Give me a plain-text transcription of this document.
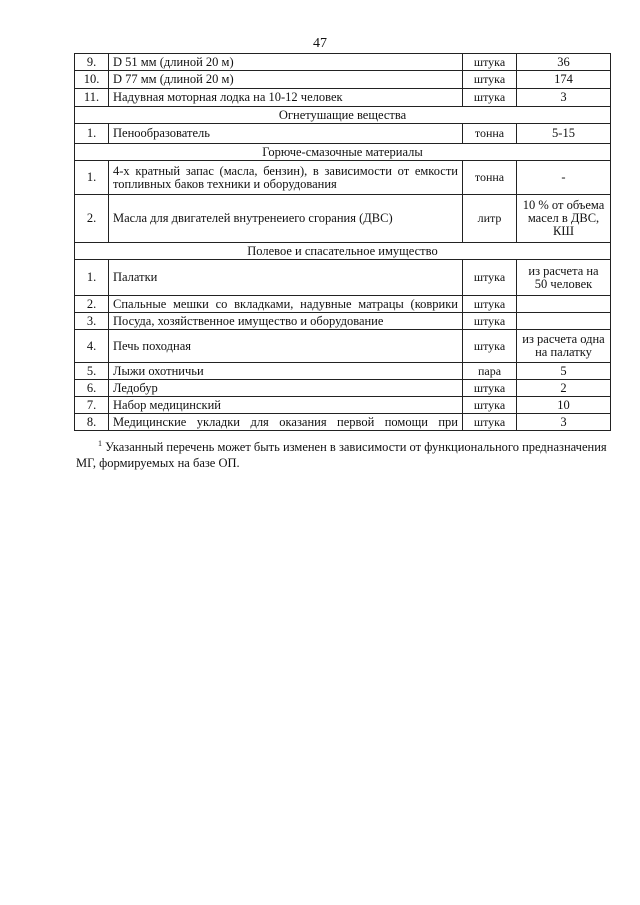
47
9.	D 51 мм (длиной 20 м)	штука	36
10.	D 77 мм (длиной 20 м)	штука	174
11.	Надувная моторная лодка на 10-12 человек	штука	3
Огнетушащие вещества			
1.	Пенообразователь	тонна	5-15
Горюче-смазочные материалы			
1.	4-х кратный запас (масла, бензин), в зависимости от емкости топливных баков техники и оборудования	тонна	-
2.	Масла для двигателей внутренеиего сгорания (ДВС)	литр	10 % от объема масел в ДВС, КШ
Полевое и спасательное имущество			
1.	Палатки	штука	из расчета на 50 человек
2.	Спальные мешки со вкладками, надувные матрацы (коврики	штука	
3.	Посуда, хозяйственное имущество и оборудование	штука	
4.	Печь походная	штука	из расчета одна на палатку
5.	Лыжи охотничьи	пара	5
6.	Ледобур	штука	2
7.	Набор медицинский	штука	10
8.	Медицинские укладки для оказания первой помощи при	штука	3
$^1$ Указанный перечень может быть изменен в зависимости от функционального предназначения МГ, формируемых на базе ОП.
